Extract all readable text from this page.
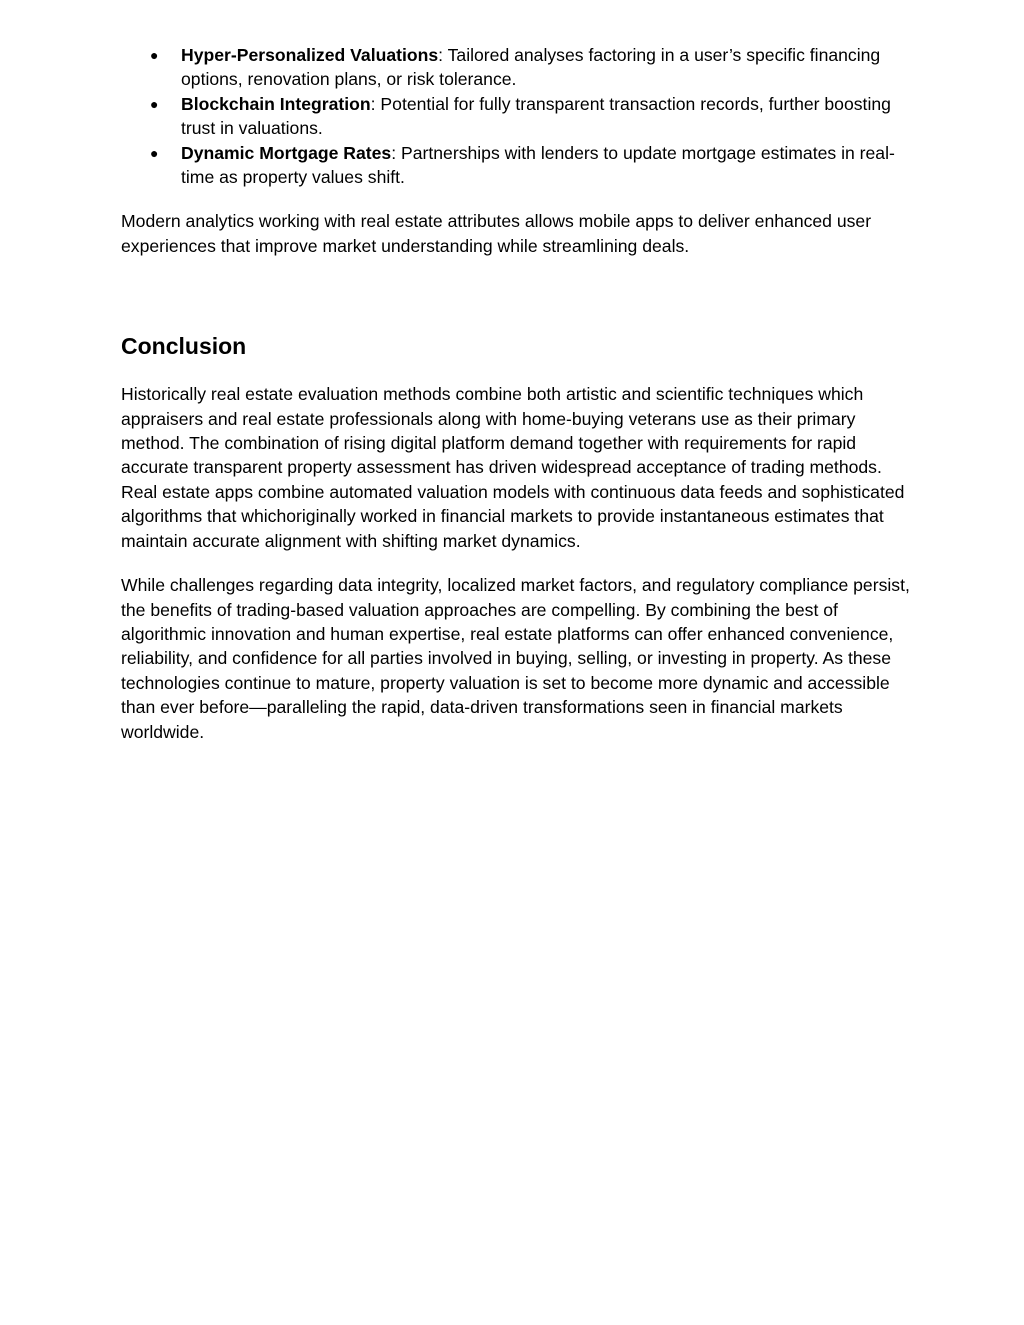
● Hyper-Personalized Valuations: Tailored analyses factoring in a user’s specific financing options, renovation plans, or risk tolerance.
● Blockchain Integration: Potential for fully transparent transaction records, further boosting trust in valuations.
● Dynamic Mortgage Rates: Partnerships with lenders to update mortgage estimates in real-time as property values shift.

Modern analytics working with real estate attributes allows mobile apps to deliver enhanced user experiences that improve market understanding while streamlining deals.

Conclusion

Historically real estate evaluation methods combine both artistic and scientific techniques which appraisers and real estate professionals along with home-buying veterans use as their primary method. The combination of rising digital platform demand together with requirements for rapid accurate transparent property assessment has driven widespread acceptance of trading methods. Real estate apps combine automated valuation models with continuous data feeds and sophisticated algorithms that whichoriginally worked in financial markets to provide instantaneous estimates that maintain accurate alignment with shifting market dynamics.

While challenges regarding data integrity, localized market factors, and regulatory compliance persist, the benefits of trading-based valuation approaches are compelling. By combining the best of algorithmic innovation and human expertise, real estate platforms can offer enhanced convenience, reliability, and confidence for all parties involved in buying, selling, or investing in property. As these technologies continue to mature, property valuation is set to become more dynamic and accessible than ever before—paralleling the rapid, data-driven transformations seen in financial markets worldwide.
